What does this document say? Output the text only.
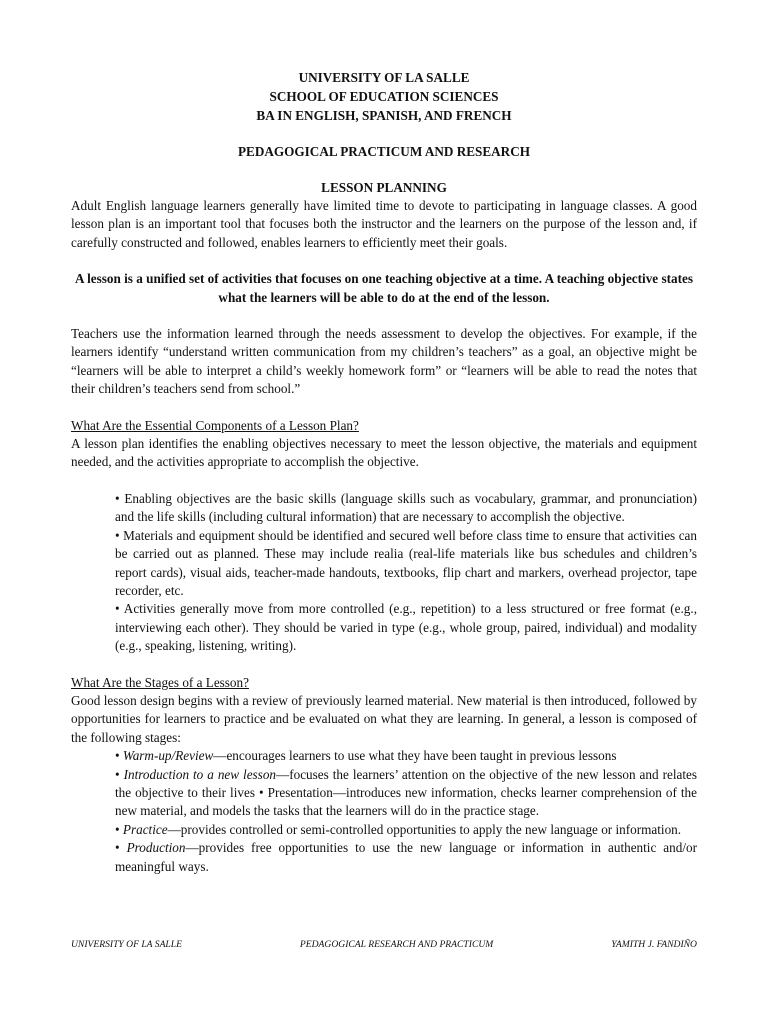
UNIVERSITY OF LA SALLE
SCHOOL OF EDUCATION SCIENCES
BA IN ENGLISH, SPANISH, AND FRENCH
PEDAGOGICAL PRACTICUM AND RESEARCH
LESSON PLANNING

Adult English language learners generally have limited time to devote to participating in language classes. A good lesson plan is an important tool that focuses both the instructor and the learners on the purpose of the lesson and, if carefully constructed and followed, enables learners to efficiently meet their goals.

A lesson is a unified set of activities that focuses on one teaching objective at a time. A teaching objective states what the learners will be able to do at the end of the lesson.

Teachers use the information learned through the needs assessment to develop the objectives. For example, if the learners identify “understand written communication from my children’s teachers” as a goal, an objective might be “learners will be able to interpret a child’s weekly homework form” or “learners will be able to read the notes that their children’s teachers send from school.”

What Are the Essential Components of a Lesson Plan?

A lesson plan identifies the enabling objectives necessary to meet the lesson objective, the materials and equipment needed, and the activities appropriate to accomplish the objective.

• Enabling objectives are the basic skills (language skills such as vocabulary, grammar, and pronunciation) and the life skills (including cultural information) that are necessary to accomplish the objective.

• Materials and equipment should be identified and secured well before class time to ensure that activities can be carried out as planned. These may include realia (real-life materials like bus schedules and children’s report cards), visual aids, teacher-made handouts, textbooks, flip chart and markers, overhead projector, tape recorder, etc.

• Activities generally move from more controlled (e.g., repetition) to a less structured or free format (e.g., interviewing each other). They should be varied in type (e.g., whole group, paired, individual) and modality (e.g., speaking, listening, writing).

What Are the Stages of a Lesson?

Good lesson design begins with a review of previously learned material. New material is then introduced, followed by opportunities for learners to practice and be evaluated on what they are learning. In general, a lesson is composed of the following stages:

• Warm-up/Review—encourages learners to use what they have been taught in previous lessons

• Introduction to a new lesson—focuses the learners’ attention on the objective of the new lesson and relates the objective to their lives • Presentation—introduces new information, checks learner comprehension of the new material, and models the tasks that the learners will do in the practice stage.

• Practice—provides controlled or semi-controlled opportunities to apply the new language or information.

• Production—provides free opportunities to use the new language or information in authentic and/or meaningful ways.

UNIVERSITY OF LA SALLE	PEDAGOGICAL RESEARCH AND PRACTICUM	YAMITH J. FANDIÑO
